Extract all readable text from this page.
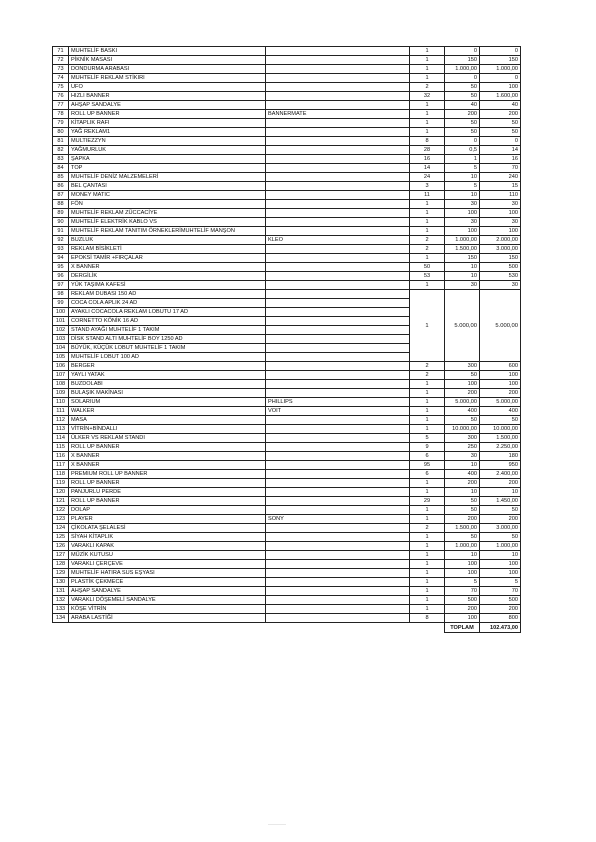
71	MUHTELİF BASKI		1	0	0
72	PİKNİK MASASI		1	150	150
73	DONDURMA ARABASI		1	1.000,00	1.000,00
74	MUHTELİF REKLAM STİKIRI		1	0	0
75	UFO		2	50	100
76	HIZLI BANNER		32	50	1.600,00
77	AHŞAP SANDALYE		1	40	40
78	ROLL UP BANNER	BANNERMATE	1	200	200
79	KİTAPLIK RAFI		1	50	50
80	YAĞ REKLAM1		1	50	50
81	MULTIEZZYN		8	0	0
82	YAĞMURLUK		28	0,5	14
83	ŞAPKA		16	1	16
84	TOP		14	5	70
85	MUHTELİF DENİZ MALZEMELERİ		24	10	240
86	BEL ÇANTASI		3	5	15
87	MONEY MATIC		11	10	110
88	FÖN		1	30	30
89	MUHTELİF REKLAM ZÜCCACİYE		1	100	100
90	MUHTELİF ELEKTRİK KABLO VS		1	30	30
91	MUHTELİF REKLAM TANITIM ÖRNEKLERİMUHTELİF MANŞON		1	100	100
92	BUZLUK	KLEO	2	1.000,00	2.000,00
93	REKLAM BİSİKLETİ		2	1.500,00	3.000,00
94	EPOKSİ TAMİR +FIRÇALAR		1	150	150
95	X BANNER		50	10	500
96	DERGİLİK		53	10	530
97	YÜK TAŞIMA KAFESİ		1	30	30
98	REKLAM DUBASI 150 AD		1	5.000,00	5.000,00
99	COCA COLA APLIK 24 AD				
100	AYAKLI COCACOLA REKLAM LOBUTU 17 AD				
101	CORNETTO KÖNİK 16 AD				
102	STAND AYAĞI MUHTELİF 1 TAKIM				
103	DİSK STAND ALTI MUHTELİF BOY 1250 AD				
104	BÜYÜK, KÜÇÜK LOBUT MUHTELİF 1 TAKIM				
105	MUHTELİF LOBUT 100 AD				
106	BERGER		2	300	600
107	YAYLI YATAK		2	50	100
108	BUZDOLABI		1	100	100
109	BULAŞIK MAKİNASI		1	200	200
110	SOLARIUM	PHILLIPS	1	5.000,00	5.000,00
111	WALKER	VOIT	1	400	400
112	MASA		1	50	50
113	VİTRİN+BİNDALLI		1	10.000,00	10.000,00
114	ÜLKER VS REKLAM STANDI		5	300	1.500,00
115	ROLL UP BANNER		9	250	2.250,00
116	X BANNER		6	30	180
117	X BANNER		95	10	950
118	PREMIUM ROLL UP BANNER		6	400	2.400,00
119	ROLL UP BANNER		1	200	200
120	PANJURLU PERDE		1	10	10
121	ROLL UP BANNER		29	50	1.450,00
122	DOLAP		1	50	50
123	PLAYER	SONY	1	200	200
124	ÇİKOLATA ŞELALESİ		2	1.500,00	3.000,00
125	SİYAH KİTAPLIK		1	50	50
126	VARAKLI KAPAK		1	1.000,00	1.000,00
127	MÜZİK KUTUSU		1	10	10
128	VARAKLI ÇERÇEVE		1	100	100
129	MUHTELİF HATIRA SUS EŞYASI		1	100	100
130	PLASTİK ÇEKMECE		1	5	5
131	AHŞAP SANDALYE		1	70	70
132	VARAKLI DÖŞEMELİ SANDALYE		1	500	500
133	KÖŞE VİTRİN		1	200	200
134	ARABA LASTİĞİ		8	100	800
				TOPLAM	102.473,00
